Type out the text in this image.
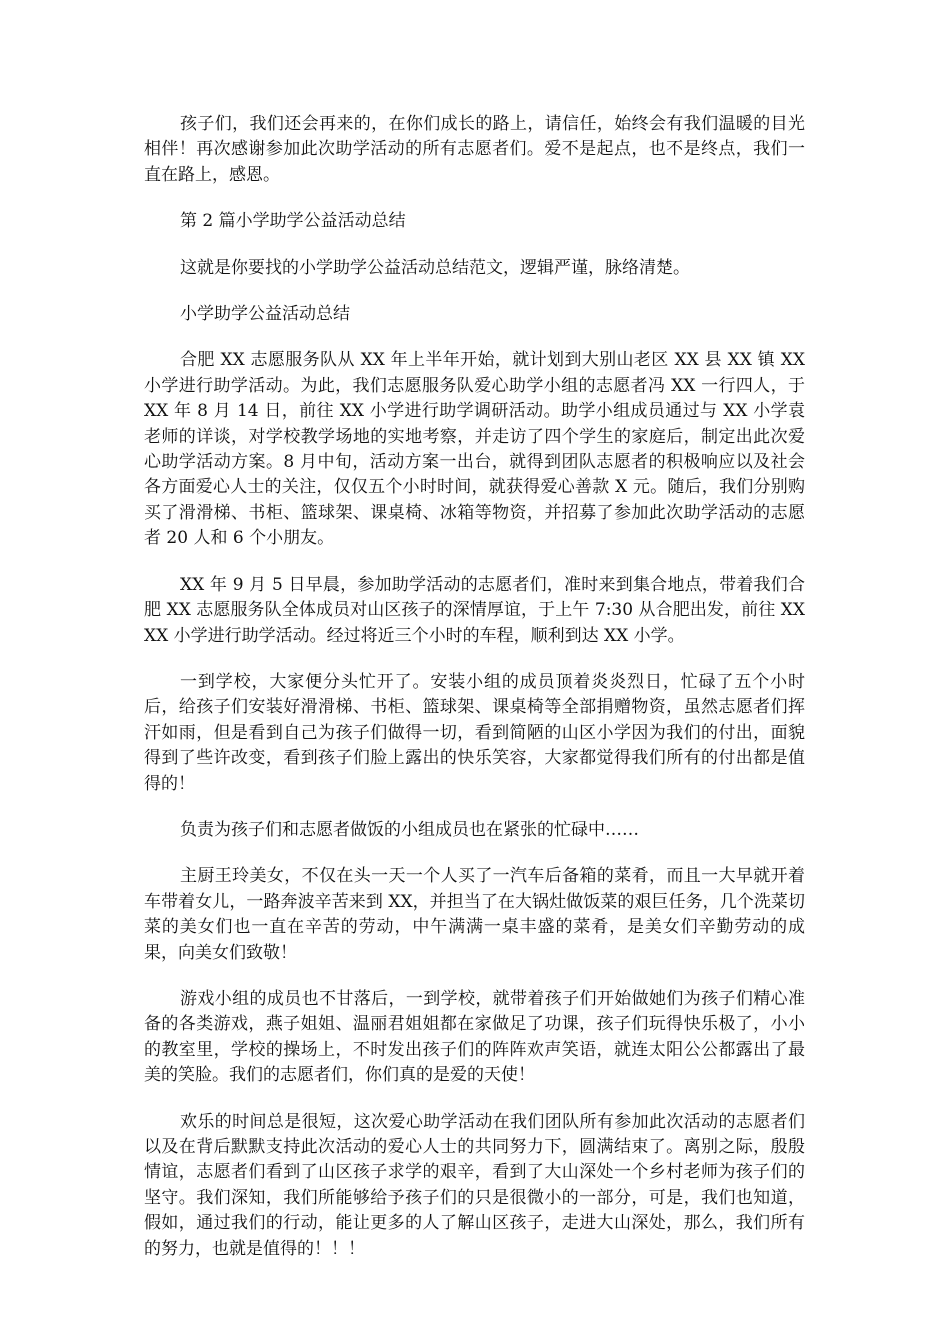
孩子们，我们还会再来的，在你们成长的路上，请信任，始终会有我们温暖的目光相伴！再次感谢参加此次助学活动的所有志愿者们。爱不是起点，也不是终点，我们一直在路上，感恩。

第 2 篇小学助学公益活动总结

这就是你要找的小学助学公益活动总结范文，逻辑严谨，脉络清楚。

小学助学公益活动总结

合肥 XX 志愿服务队从 XX 年上半年开始，就计划到大别山老区 XX 县 XX 镇 XX 小学进行助学活动。为此，我们志愿服务队爱心助学小组的志愿者冯 XX 一行四人，于 XX 年 8 月 14 日，前往 XX 小学进行助学调研活动。助学小组成员通过与 XX 小学袁老师的详谈，对学校教学场地的实地考察，并走访了四个学生的家庭后，制定出此次爱心助学活动方案。8 月中旬，活动方案一出台，就得到团队志愿者的积极响应以及社会各方面爱心人士的关注，仅仅五个小时时间，就获得爱心善款 X 元。随后，我们分别购买了滑滑梯、书柜、篮球架、课桌椅、冰箱等物资，并招募了参加此次助学活动的志愿者 20 人和 6 个小朋友。

XX 年 9 月 5 日早晨，参加助学活动的志愿者们，准时来到集合地点，带着我们合肥 XX 志愿服务队全体成员对山区孩子的深情厚谊，于上午 7:30 从合肥出发，前往 XXXX 小学进行助学活动。经过将近三个小时的车程，顺利到达 XX 小学。

一到学校，大家便分头忙开了。安装小组的成员顶着炎炎烈日，忙碌了五个小时后，给孩子们安装好滑滑梯、书柜、篮球架、课桌椅等全部捐赠物资，虽然志愿者们挥汗如雨，但是看到自己为孩子们做得一切，看到简陋的山区小学因为我们的付出，面貌得到了些许改变，看到孩子们脸上露出的快乐笑容，大家都觉得我们所有的付出都是值得的！

负责为孩子们和志愿者做饭的小组成员也在紧张的忙碌中……

主厨王玲美女，不仅在头一天一个人买了一汽车后备箱的菜肴，而且一大早就开着车带着女儿，一路奔波辛苦来到 XX，并担当了在大锅灶做饭菜的艰巨任务，几个洗菜切菜的美女们也一直在辛苦的劳动，中午满满一桌丰盛的菜肴，是美女们辛勤劳动的成果，向美女们致敬！

游戏小组的成员也不甘落后，一到学校，就带着孩子们开始做她们为孩子们精心准备的各类游戏，燕子姐姐、温丽君姐姐都在家做足了功课，孩子们玩得快乐极了，小小的教室里，学校的操场上，不时发出孩子们的阵阵欢声笑语，就连太阳公公都露出了最美的笑脸。我们的志愿者们，你们真的是爱的天使！

欢乐的时间总是很短，这次爱心助学活动在我们团队所有参加此次活动的志愿者们以及在背后默默支持此次活动的爱心人士的共同努力下，圆满结束了。离别之际，殷殷情谊，志愿者们看到了山区孩子求学的艰辛，看到了大山深处一个乡村老师为孩子们的坚守。我们深知，我们所能够给予孩子们的只是很微小的一部分，可是，我们也知道，假如，通过我们的行动，能让更多的人了解山区孩子，走进大山深处，那么，我们所有的努力，也就是值得的！！！
